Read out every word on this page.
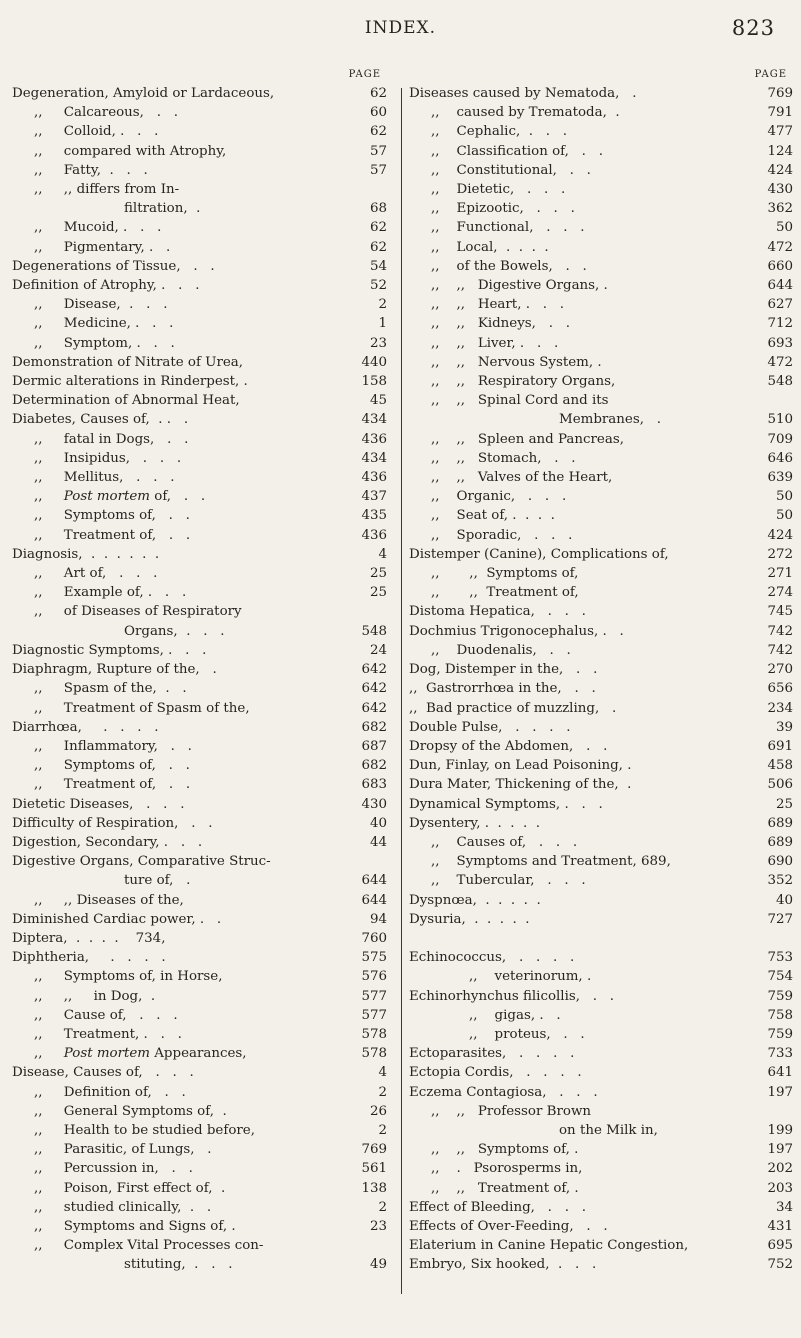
INDEX.	823
PAGE
Degeneration, Amyloid or Lardaceous,	62
,,     Calcareous,   .   .	60
,,     Colloid, .   .   .	62
,,     compared with Atrophy,	57
,,     Fatty,  .   .   .	57
,,     ,, differs from In-
filtration,  .	68
,,     Mucoid, .   .   .	62
,,     Pigmentary, .   .	62
Degenerations of Tissue,   .   .	54
Definition of Atrophy, .   .   .	52
,,     Disease,  .   .   .	2
,,     Medicine, .   .   .	1
,,     Symptom, .   .   .	23
Demonstration of Nitrate of Urea,	440
Dermic alterations in Rinderpest, .	158
Determination of Abnormal Heat,	45
Diabetes, Causes of,  . .   .	434
,,     fatal in Dogs,   .   .	436
,,     Insipidus,   .   .   .	434
,,     Mellitus,   .   .   .	436
,,     Post mortem of,   .   .	437
,,     Symptoms of,   .   .	435
,,     Treatment of,   .   .	436
Diagnosis,  .  .  .  .  .  .	4
,,     Art of,   .   .   .	25
,,     Example of, .   .   .	25
,,     of Diseases of Respiratory
Organs,  .   .   .	548
Diagnostic Symptoms, .   .   .	24
Diaphragm, Rupture of the,   .	642
,,     Spasm of the,  .   .	642
,,     Treatment of Spasm of the,	642
Diarrhœa,     .   .   .   .	682
,,     Inflammatory,   .   .	687
,,     Symptoms of,   .   .	682
,,     Treatment of,   .   .	683
Dietetic Diseases,   .   .   .	430
Difficulty of Respiration,   .   .	40
Digestion, Secondary, .   .   .	44
Digestive Organs, Comparative Struc-
ture of,   .	644
,,     ,, Diseases of the,	644
Diminished Cardiac power, .   .	94
Diptera,  .  .  .  .    734,	760
Diphtheria,     .   .   .   .	575
,,     Symptoms of, in Horse,	576
,,     ,,     in Dog,  .	577
,,     Cause of,   .   .   .	577
,,     Treatment, .   .   .	578
,,     Post mortem Appearances,	578
Disease, Causes of,   .   .   .	4
,,     Definition of,   .   .	2
,,     General Symptoms of,  .	26
,,     Health to be studied before,	2
,,     Parasitic, of Lungs,   .	769
,,     Percussion in,   .   .	561
,,     Poison, First effect of,  .	138
,,     studied clinically,  .   .	2
,,     Symptoms and Signs of, .	23
,,     Complex Vital Processes con-
stituting,  .   .   .	49
PAGE
Diseases caused by Nematoda,   .	769
,,    caused by Trematoda,  .	791
,,    Cephalic,  .   .   .	477
,,    Classification of,   .   .	124
,,    Constitutional,   .   .	424
,,    Dietetic,   .   .   .	430
,,    Epizootic,   .   .   .	362
,,    Functional,   .   .   .	50
,,    Local,  .  .  .  .	472
,,    of the Bowels,   .   .	660
,,    ,,   Digestive Organs, .	644
,,    ,,   Heart, .   .   .	627
,,    ,,   Kidneys,   .   .	712
,,    ,,   Liver, .   .   .	693
,,    ,,   Nervous System, .	472
,,    ,,   Respiratory Organs,	548
,,    ,,   Spinal Cord and its
Membranes,   .	510
,,    ,,   Spleen and Pancreas,	709
,,    ,,   Stomach,   .   .	646
,,    ,,   Valves of the Heart,	639
,,    Organic,   .   .   .	50
,,    Seat of, .  .  .  .	50
,,    Sporadic,   .   .   .	424
Distemper (Canine), Complications of,	272
,,       ,,  Symptoms of,	271
,,       ,,  Treatment of,	274
Distoma Hepatica,   .   .   .	745
Dochmius Trigonocephalus, .   .	742
,,    Duodenalis,   .   .	742
Dog, Distemper in the,   .   .	270
,,  Gastrorrhœa in the,   .   .	656
,,  Bad practice of muzzling,   .	234
Double Pulse,   .   .   .   .	39
Dropsy of the Abdomen,   .   .	691
Dun, Finlay, on Lead Poisoning, .	458
Dura Mater, Thickening of the,  .	506
Dynamical Symptoms, .   .   .	25
Dysentery, .  .  .  .  .	689
,,    Causes of,   .   .   .	689
,,    Symptoms and Treatment, 689,	690
,,    Tubercular,   .   .   .	352
Dyspnœa,  .  .  .  .  .	40
Dysuria,  .  .  .  .  .	727
Echinococcus,   .   .   .   .	753
,,    veterinorum, .	754
Echinorhynchus filicollis,   .   .	759
,,    gigas, .   .	758
,,    proteus,   .   .	759
Ectoparasites,   .   .   .   .	733
Ectopia Cordis,   .   .   .   .	641
Eczema Contagiosa,   .   .   .	197
,,    ,,   Professor Brown
on the Milk in,	199
,,    ,,   Symptoms of, .	197
,,    .   Psorosperms in,	202
,,    ,,   Treatment of, .	203
Effect of Bleeding,   .   .   .	34
Effects of Over-Feeding,   .   .	431
Elaterium in Canine Hepatic Congestion,	695
Embryo, Six hooked,  .   .   .	752
